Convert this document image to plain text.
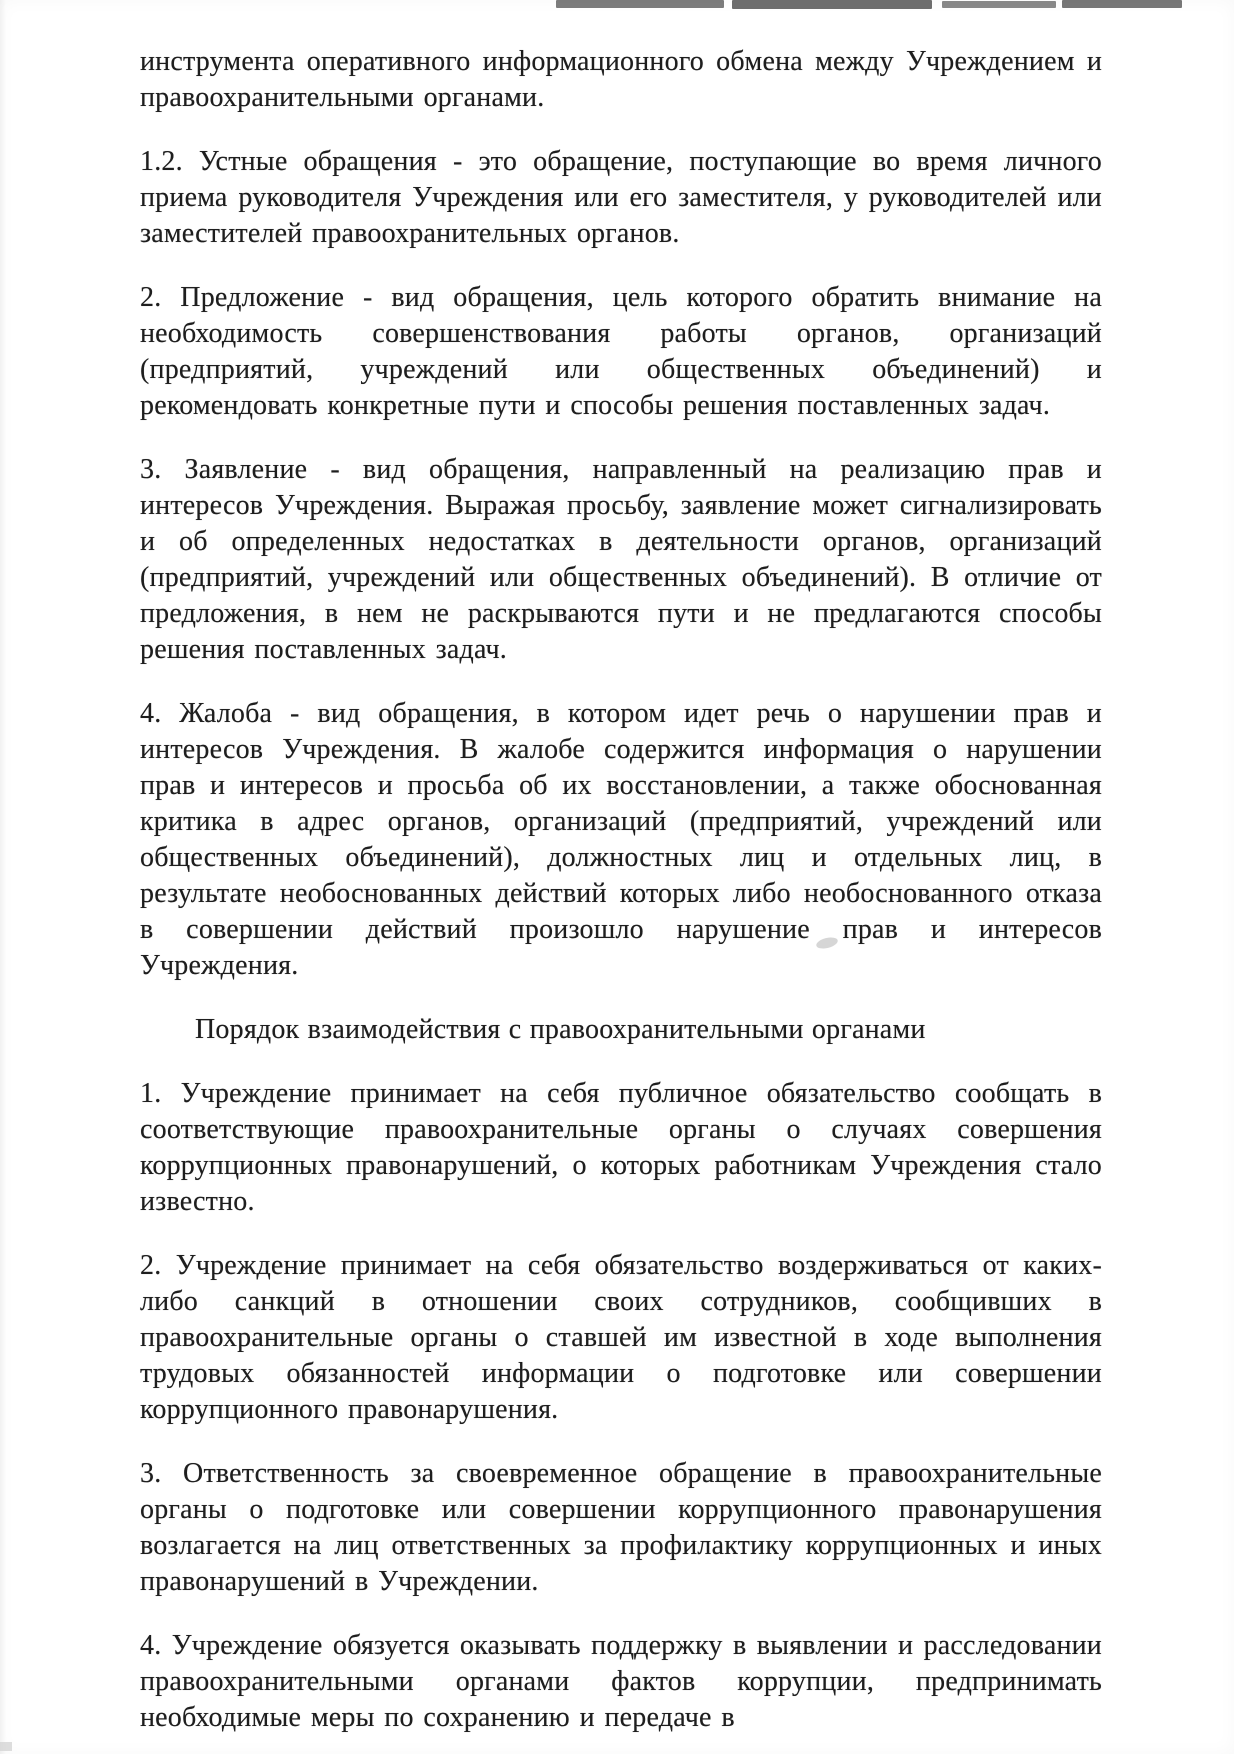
инструмента оперативного информационного обмена между Учреждением и правоохранительными органами.

1.2. Устные обращения - это обращение, поступающие во время личного приема руководителя Учреждения или его заместителя, у руководителей или заместителей правоохранительных органов.

2. Предложение - вид обращения, цель которого обратить внимание на необходимость совершенствования работы органов, организаций (предприятий, учреждений или общественных объединений) и рекомендовать конкретные пути и способы решения поставленных задач.

3. Заявление - вид обращения, направленный на реализацию прав и интересов Учреждения. Выражая просьбу, заявление может сигнализировать и об определенных недостатках в деятельности органов, организаций (предприятий, учреждений или общественных объединений). В отличие от предложения, в нем не раскрываются пути и не предлагаются способы решения поставленных задач.

4. Жалоба - вид обращения, в котором идет речь о нарушении прав и интересов Учреждения. В жалобе содержится информация о нарушении прав и интересов и просьба об их восстановлении, а также обоснованная критика в адрес органов, организаций (предприятий, учреждений или общественных объединений), должностных лиц и отдельных лиц, в результате необоснованных действий которых либо необоснованного отказа в совершении действий произошло нарушение прав и интересов Учреждения.

Порядок взаимодействия с правоохранительными органами

1. Учреждение принимает на себя публичное обязательство сообщать в соответствующие правоохранительные органы о случаях совершения коррупционных правонарушений, о которых работникам Учреждения стало известно.

2. Учреждение принимает на себя обязательство воздерживаться от каких-либо санкций в отношении своих сотрудников, сообщивших в правоохранительные органы о ставшей им известной в ходе выполнения трудовых обязанностей информации о подготовке или совершении коррупционного правонарушения.

3. Ответственность за своевременное обращение в правоохранительные органы о подготовке или совершении коррупционного правонарушения возлагается на лиц ответственных за профилактику коррупционных и иных правонарушений в Учреждении.

4. Учреждение обязуется оказывать поддержку в выявлении и расследовании правоохранительными органами фактов коррупции, предпринимать необходимые меры по сохранению и передаче в
